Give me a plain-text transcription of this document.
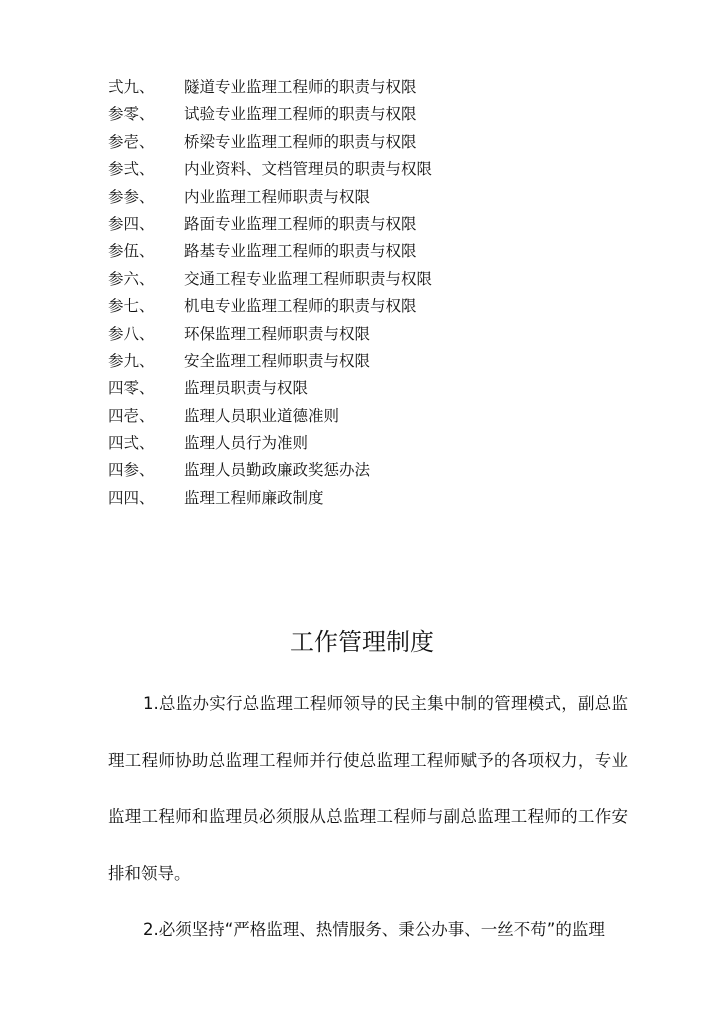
弍九、 隧道专业监理工程师的职责与权限
参零、 试验专业监理工程师的职责与权限
参壱、 桥梁专业监理工程师的职责与权限
参弍、 内业资料、文档管理员的职责与权限
参参、 内业监理工程师职责与权限
参四、 路面专业监理工程师的职责与权限
参伍、 路基专业监理工程师的职责与权限
参六、 交通工程专业监理工程师职责与权限
参七、 机电专业监理工程师的职责与权限
参八、 环保监理工程师职责与权限
参九、 安全监理工程师职责与权限
四零、 监理员职责与权限
四壱、 监理人员职业道德准则
四弍、 监理人员行为准则
四参、 监理人员勤政廉政奖惩办法
四四、 监理工程师廉政制度
工作管理制度

1.总监办实行总监理工程师领导的民主集中制的管理模式，副总监理工程师协助总监理工程师并行使总监理工程师赋予的各项权力，专业监理工程师和监理员必须服从总监理工程师与副总监理工程师的工作安排和领导。

2.必须坚持“严格监理、热情服务、秉公办事、一丝不苟”的监理
